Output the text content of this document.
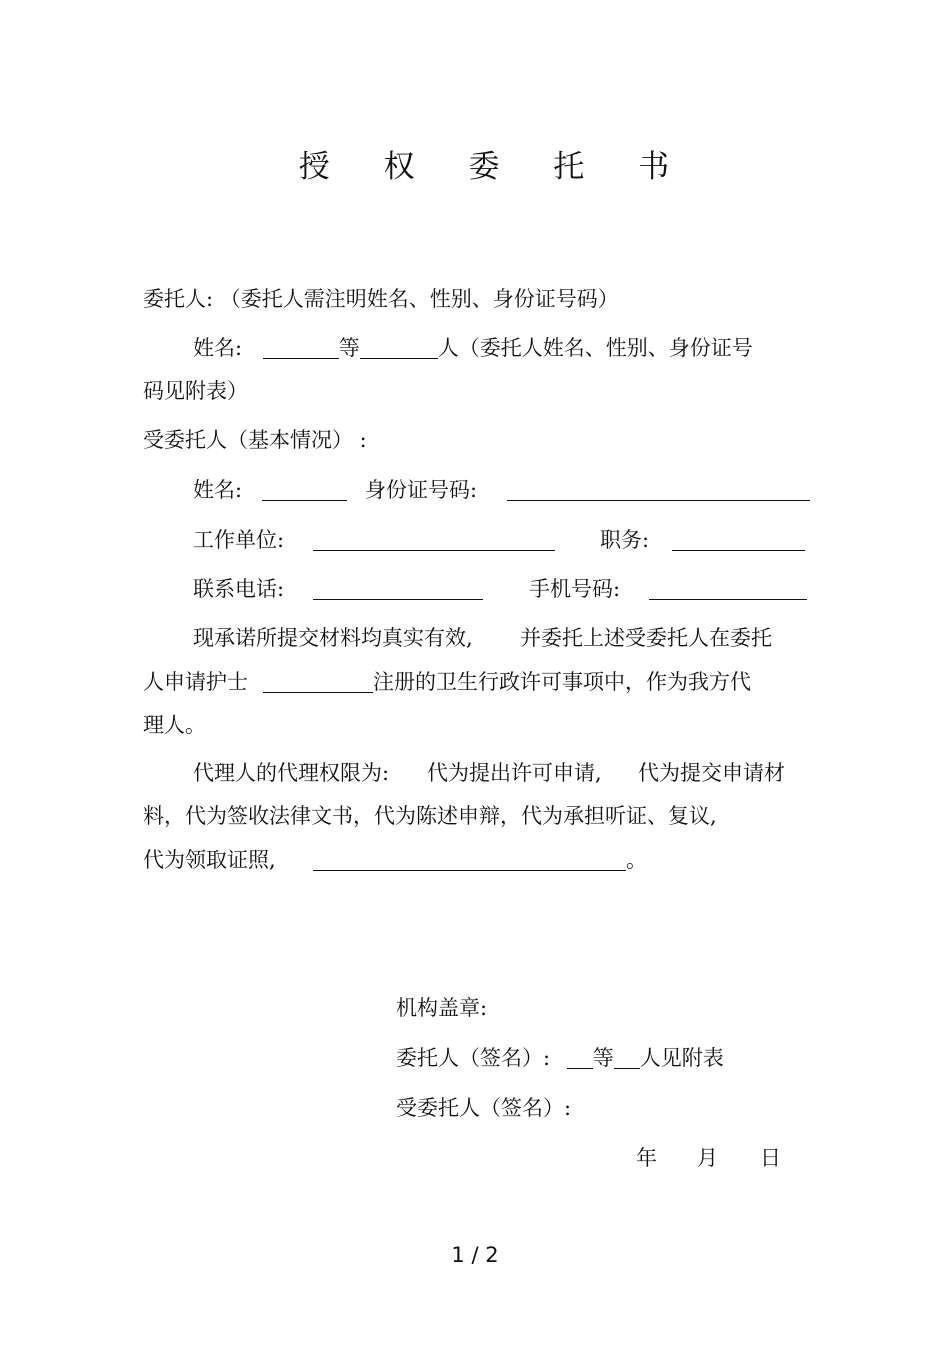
授 权 委 托 书
委托人: （委托人需注明姓名、性别、身份证号码）
姓名:	等	人（委托人姓名、性别、身份证号
码见附表）
受委托人（基本情况） :
姓名:	身份证号码:
工作单位:	职务:
联系电话:	手机号码:
现承诺所提交材料均真实有效, 并委托上述受委托人在委托
人申请护士	注册的卫生行政许可事项中，作为我方代
理人。
代理人的代理权限为: 代为提出许可申请, 代为提交申请材
料，代为签收法律文书，代为陈述申辩，代为承担听证、复议,
代为领取证照,	。
机构盖章:
委托人（签名）: 等 人见附表
受委托人（签名）:
年 月 日
1 / 2
